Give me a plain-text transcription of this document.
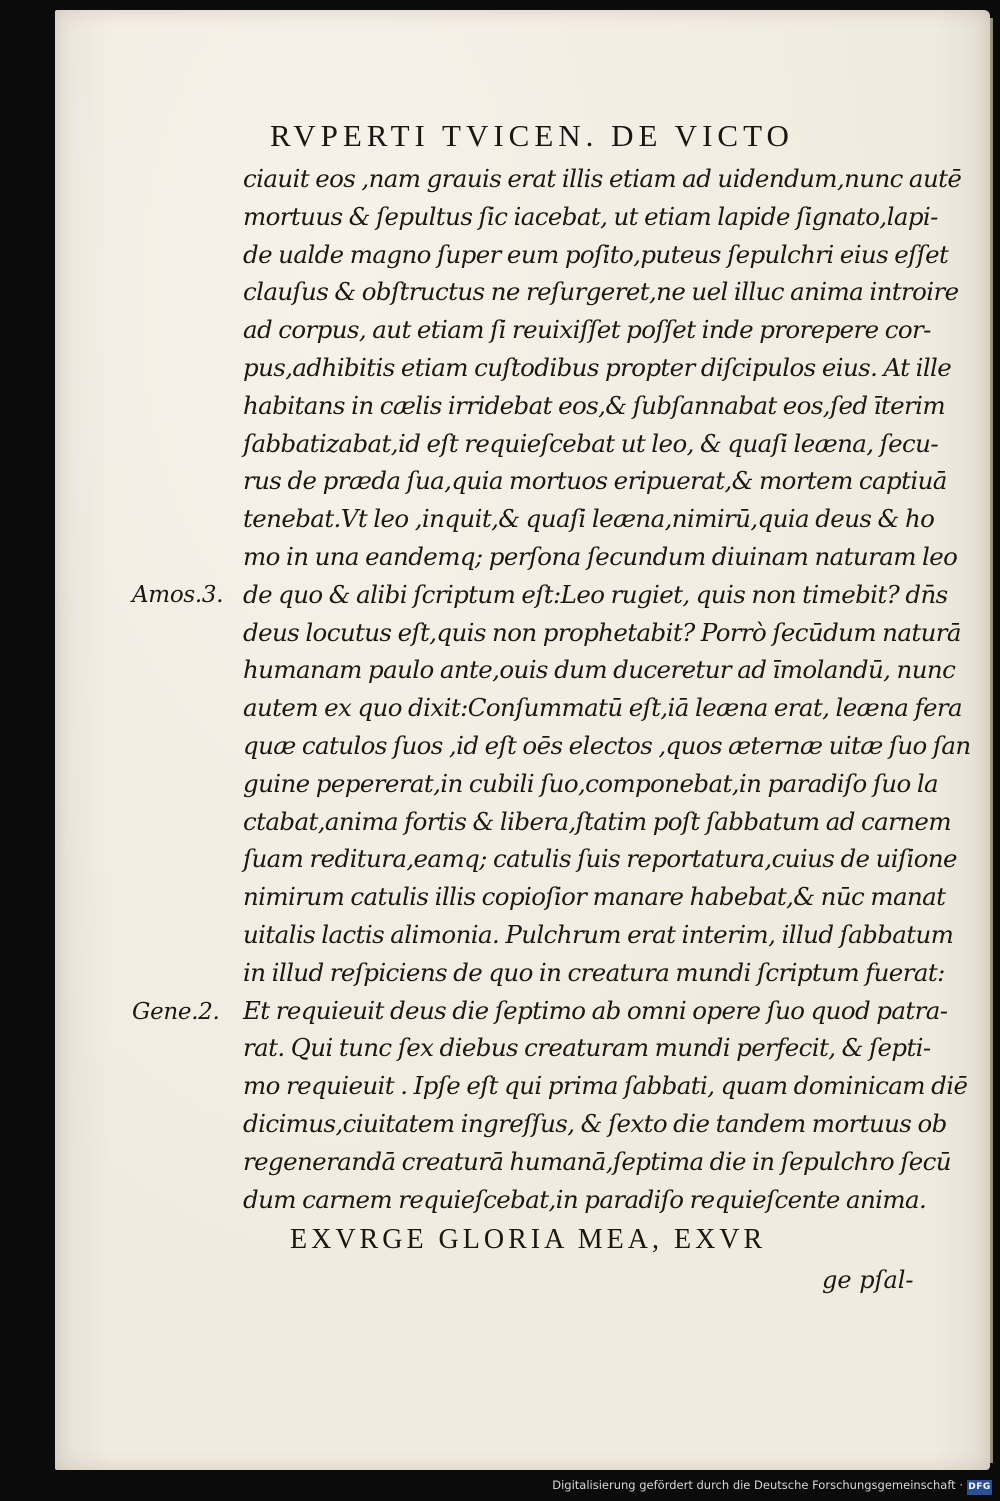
RVPERTI TVICEN. DE VICTO
ciauit eos ,nam grauis erat illis etiam ad uidendum,nunc autē
mortuus & ſepultus ſic iacebat, ut etiam lapide ſignato,lapi-
de ualde magno ſuper eum poſito,puteus ſepulchri eius eſſet
clauſus & obſtructus ne reſurgeret,ne uel illuc anima introire
ad corpus, aut etiam ſi reuixiſſet poſſet inde prorepere cor-
pus,adhibitis etiam cuſtodibus propter diſcipulos eius. At ille
habitans in cælis irridebat eos,& ſubſannabat eos,ſed īterim
ſabbatizabat,id eſt requieſcebat ut leo, & quaſi leæna, ſecu-
rus de præda ſua,quia mortuos eripuerat,& mortem captiuā
tenebat.Vt leo ,inquit,& quaſi leæna,nimirū,quia deus & ho
mo in una eandemq; perſona ſecundum diuinam naturam leo
de quo & alibi ſcriptum eſt:Leo rugiet, quis non timebit? dn̄s
deus locutus eſt,quis non prophetabit? Porrò ſecūdum naturā
humanam paulo ante,ouis dum duceretur ad īmolandū, nunc
autem ex quo dixit:Conſummatū eſt,iā leæna erat, leæna fera
quæ catulos ſuos ,id eſt oēs electos ,quos æternæ uitæ ſuo ſan
guine pepererat,in cubili ſuo,componebat,in paradiſo ſuo la
ctabat,anima fortis & libera,ſtatim poſt ſabbatum ad carnem
ſuam reditura,eamq; catulis ſuis reportatura,cuius de uiſione
nimirum catulis illis copioſior manare habebat,& nūc manat
uitalis lactis alimonia. Pulchrum erat interim, illud ſabbatum
in illud reſpiciens de quo in creatura mundi ſcriptum fuerat:
Et requieuit deus die ſeptimo ab omni opere ſuo quod patra-
rat. Qui tunc ſex diebus creaturam mundi perfecit, & ſepti-
mo requieuit . Ipſe eſt qui prima ſabbati, quam dominicam diē
dicimus,ciuitatem ingreſſus, & ſexto die tandem mortuus ob
regenerandā creaturā humanā,ſeptima die in ſepulchro ſecū
dum carnem requieſcebat,in paradiſo requieſcente anima.
Amos.3.
Gene.2.
EXVRGE GLORIA MEA, EXVR
ge pſal-
Digitalisierung gefördert durch die Deutsche Forschungsgemeinschaft · DFG
